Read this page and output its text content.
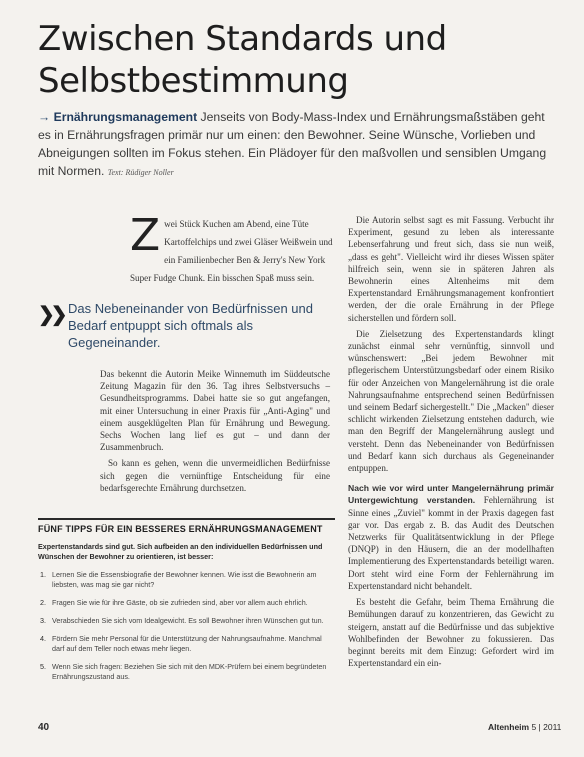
Zwischen Standards und Selbstbestimmung
→ Ernährungsmanagement Jenseits von Body-Mass-Index und Ernährungsmaßstäben geht es in Ernährungsfragen primär nur um einen: den Bewohner. Seine Wünsche, Vorlieben und Abneigungen sollten im Fokus stehen. Ein Plädoyer für den maßvollen und sensiblen Umgang mit Normen. Text: Rüdiger Noller
Z wei Stück Kuchen am Abend, eine Tüte Kartoffelchips und zwei Gläser Weißwein und ein Familienbecher Ben & Jerry's New York Super Fudge Chunk. Ein bisschen Spaß muss sein.
❯❯ Das Nebeneinander von Bedürfnissen und Bedarf entpuppt sich oftmals als Gegeneinander.

Das bekennt die Autorin Meike Winnemuth im Süddeutsche Zeitung Magazin für den 36. Tag ihres Selbstversuchs – Gesundheitsprogramms. Dabei hatte sie so gut angefangen, mit einer Untersuchung in einer Praxis für „Anti-Aging" und einem ausgeklügelten Plan für Ernährung und Bewegung. Sechs Wochen lang lief es gut – und dann der Zusammenbruch.

So kann es gehen, wenn die unvermeidlichen Bedürfnisse sich gegen die vernünftige Entscheidung für eine bedarfsgerechte Ernährung durchsetzen.

FÜNF TIPPS FÜR EIN BESSERES ERNÄHRUNGSMANAGEMENT
Expertenstandards sind gut. Sich aufbeiden an den individuellen Bedürfnissen und Wünschen der Bewohner zu orientieren, ist besser:
1. Lernen Sie die Essensbiografie der Bewohner kennen. Wie isst die Bewohnerin am liebsten, was mag sie gar nicht?
2. Fragen Sie wie für ihre Gäste, ob sie zufrieden sind, aber vor allem auch ehrlich.
3. Verabschieden Sie sich vom Idealgewicht. Es soll Bewohner ihren Wünschen gut tun.
4. Fördern Sie mehr Personal für die Unterstützung der Nahrungsaufnahme. Manchmal darf auf dem Teller noch etwas mehr liegen.
5. Wenn Sie sich fragen: Beziehen Sie sich mit den MDK-Prüfern bei einem begründeten Ernährungszustand aus.

Die Autorin selbst sagt es mit Fassung. Verbucht ihr Experiment, gesund zu leben als interessante Lebenserfahrung und freut sich, dass sie nun weiß, „dass es geht". Vielleicht wird ihr dieses Wissen später hilfreich sein, wenn sie in späteren Jahren als Bewohnerin eines Altenheims mit dem Expertenstandard Ernährungsmanagement konfrontiert werden, der die orale Ernährung in der Pflege sicherstellen und fördern soll.

Die Zielsetzung des Expertenstandards klingt zunächst einmal sehr vernünftig, sinnvoll und wünschenswert: „Bei jedem Bewohner mit pflegerischem Unterstützungsbedarf oder einem Risiko für oder Anzeichen von Mangelernährung ist die orale Nahrungsaufnahme entsprechend seinen Bedürfnissen und seinem Bedarf sichergestellt." Die „Macken" dieser schlicht wirkenden Zielsetzung entstehen dadurch, wie man den Begriff der Mangelernährung auslegt und versteht. Denn das Nebeneinander von Bedürfnissen und Bedarf kann sich durchaus als Gegeneinander entpuppen.

Nach wie vor wird unter Mangelernährung primär Untergewichtung verstanden. Fehlernährung ist Sinne eines „Zuviel" kommt in der Praxis dagegen fast gar vor. Das ergab z. B. das Audit des Deutschen Netzwerks für Qualitätsentwicklung in der Pflege (DNQP) in den Häusern, die an der modellhaften Implementierung des Expertenstandards beteiligt waren. Dort steht wird eine Form der Fehlernährung im Expertenstandard nicht behandelt.

Es besteht die Gefahr, beim Thema Ernährung die Bemühungen darauf zu konzentrieren, das Gewicht zu steigern, anstatt auf die Bedürfnisse und das subjektive Wohlbefinden der Bewohner zu fokussieren. Das beginnt bereits mit dem Einzug: Gefordert wird im Expertenstandard ein ein-

40	Altenheim 5 | 2011
